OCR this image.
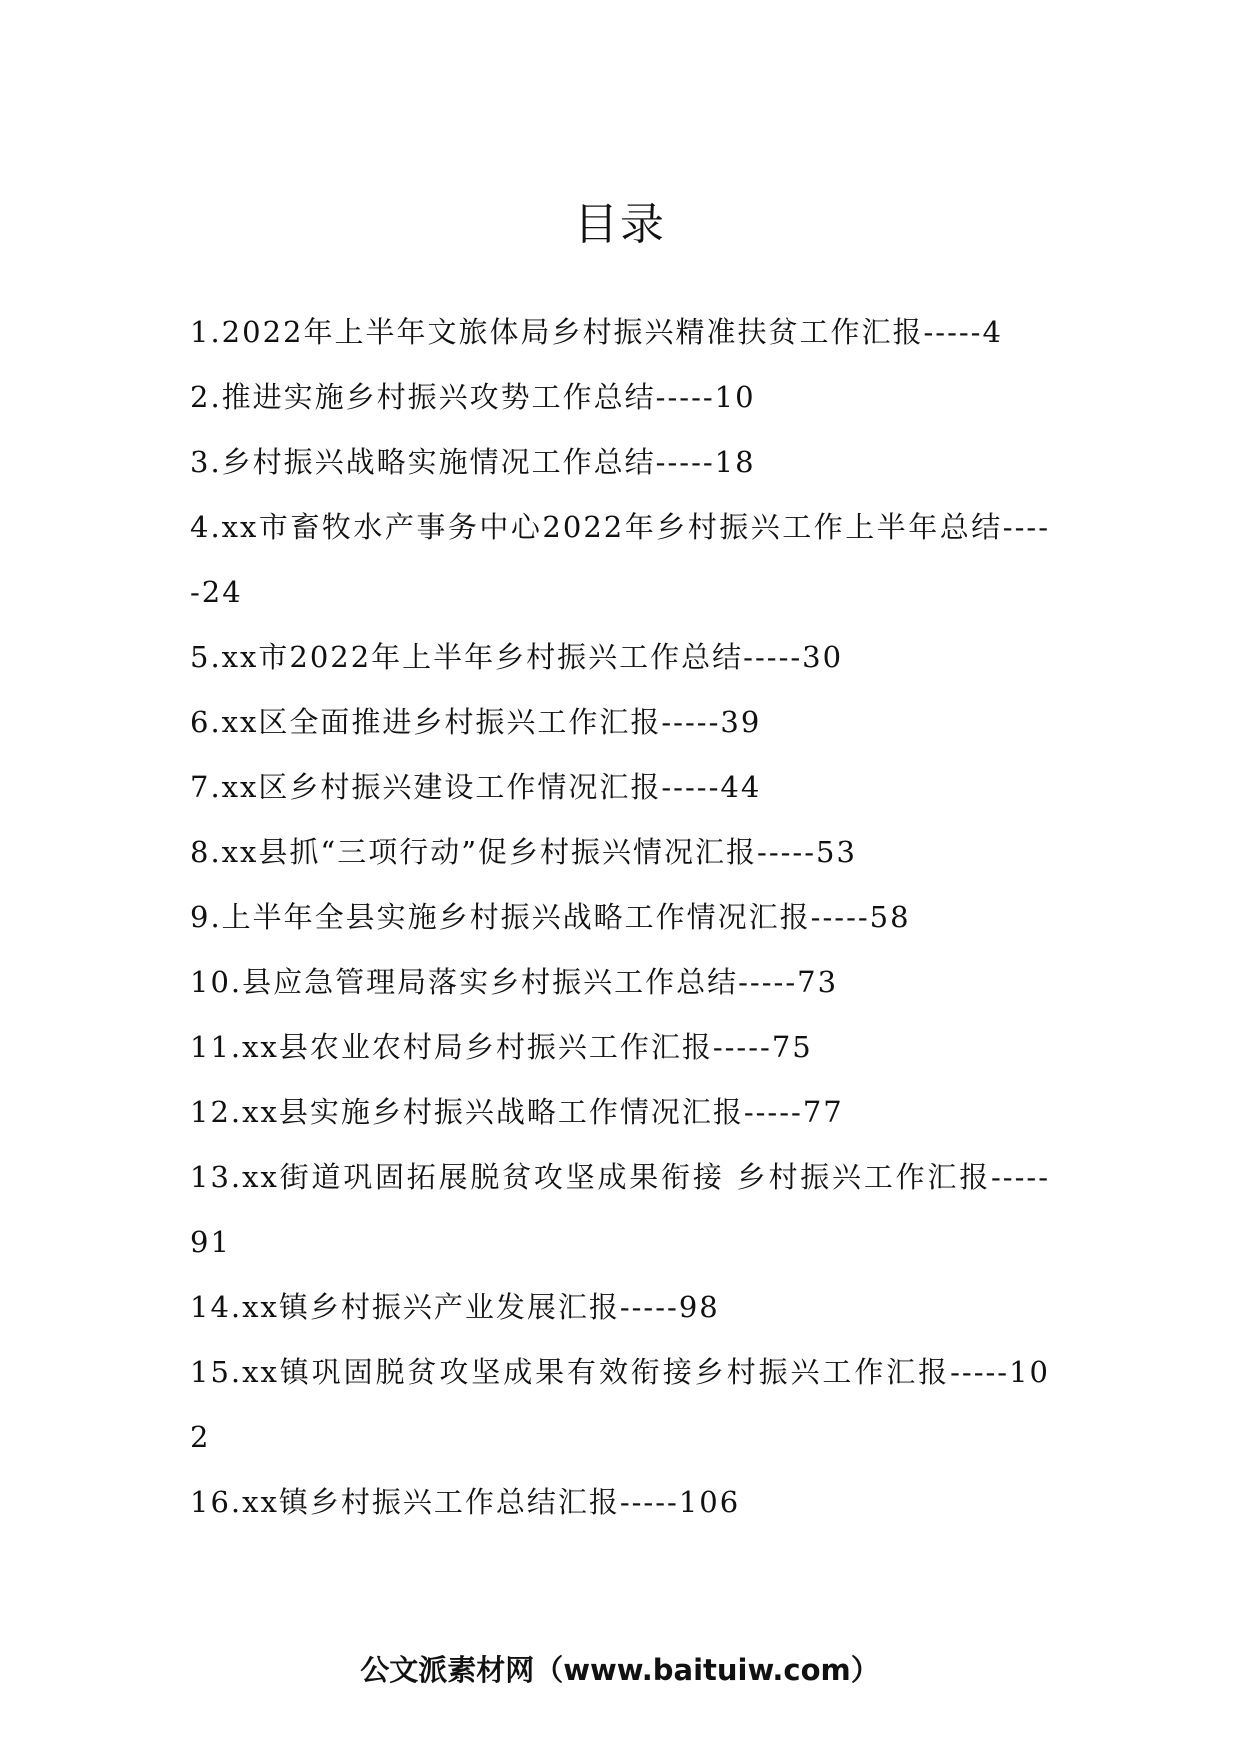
目录
1.2022年上半年文旅体局乡村振兴精准扶贫工作汇报-----4
2.推进实施乡村振兴攻势工作总结-----10
3.乡村振兴战略实施情况工作总结-----18
4.xx市畜牧水产事务中心2022年乡村振兴工作上半年总结-----24
5.xx市2022年上半年乡村振兴工作总结-----30
6.xx区全面推进乡村振兴工作汇报-----39
7.xx区乡村振兴建设工作情况汇报-----44
8.xx县抓“三项行动”促乡村振兴情况汇报-----53
9.上半年全县实施乡村振兴战略工作情况汇报-----58
10.县应急管理局落实乡村振兴工作总结-----73
11.xx县农业农村局乡村振兴工作汇报-----75
12.xx县实施乡村振兴战略工作情况汇报-----77
13.xx街道巩固拓展脱贫攻坚成果衔接 乡村振兴工作汇报-----91
14.xx镇乡村振兴产业发展汇报-----98
15.xx镇巩固脱贫攻坚成果有效衔接乡村振兴工作汇报-----102
16.xx镇乡村振兴工作总结汇报-----106
公文派素材网（www.baituiw.com）
